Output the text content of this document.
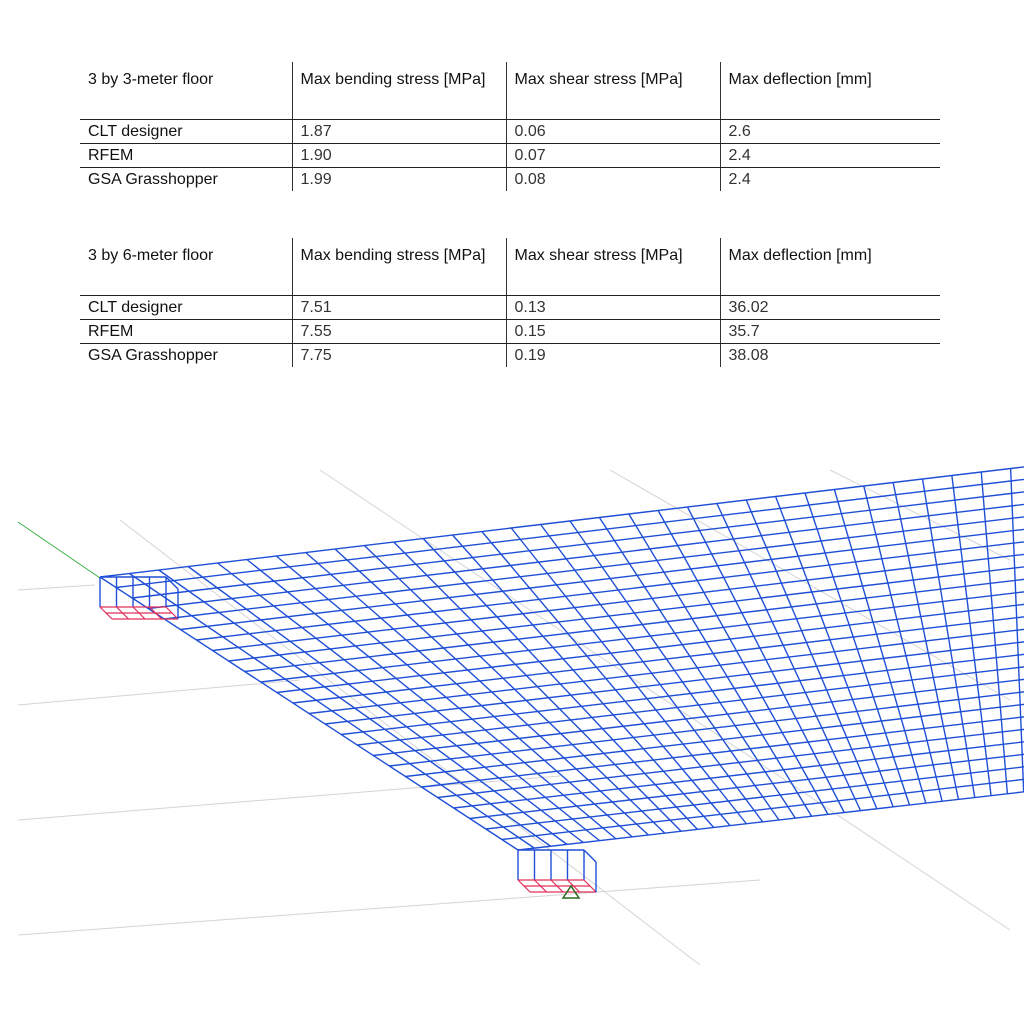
3 by 3-meter floor	Max bending stress [MPa]	Max shear stress [MPa]	Max deflection [mm]
CLT designer	1.87	0.06	2.6
RFEM	1.90	0.07	2.4
GSA Grasshopper	1.99	0.08	2.4
3 by 6-meter floor	Max bending stress [MPa]	Max shear stress [MPa]	Max deflection [mm]
CLT designer	7.51	0.13	36.02
RFEM	7.55	0.15	35.7
GSA Grasshopper	7.75	0.19	38.08
